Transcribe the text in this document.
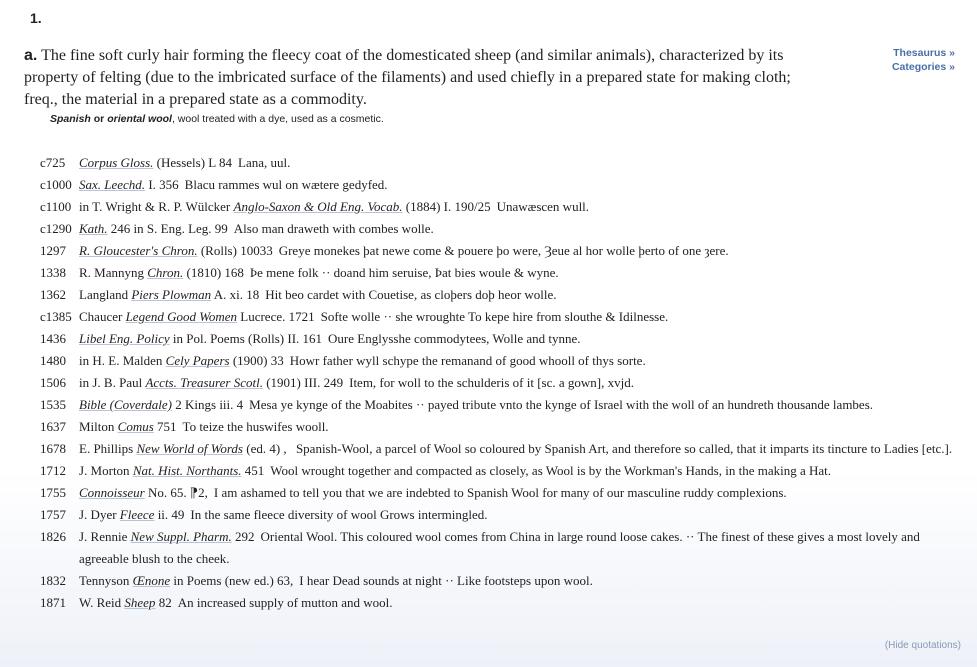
1.
Thesaurus »
Categories »
a. The fine soft curly hair forming the fleecy coat of the domesticated sheep (and similar animals), characterized by its property of felting (due to the imbricated surface of the filaments) and used chiefly in a prepared state for making cloth; freq., the material in a prepared state as a commodity.
Spanish or oriental wool, wool treated with a dye, used as a cosmetic.
c725 Corpus Gloss. (Hessels) L 84 Lana, uul.
c1000 Sax. Leechd. I. 356 Blacu rammes wul on wætere gedyfed.
c1100 in T. Wright & R. P. Wülcker Anglo-Saxon & Old Eng. Vocab. (1884) I. 190/25 Unawæscen wull.
c1290 Kath. 246 in S. Eng. Leg. 99 Also man draweth with combes wolle.
1297 R. Gloucester's Chron. (Rolls) 10033 Greye monekes þat newe come & pouere þo were, Ȝeue al hor wolle þerto of one ȝere.
1338 R. Mannyng Chron. (1810) 168 Þe mene folk ·· doand him seruise, Þat bies woule & wyne.
1362 Langland Piers Plowman A. xi. 18 Hit beo cardet with Couetise, as cloþers doþ heor wolle.
c1385 Chaucer Legend Good Women Lucrece. 1721 Softe wolle ·· she wroughte To kepe hire from slouthe & Idilnesse.
1436 Libel Eng. Policy in Pol. Poems (Rolls) II. 161 Oure Englysshe commodytees, Wolle and tynne.
1480 in H. E. Malden Cely Papers (1900) 33 Howr father wyll schype the remanand of good whooll of thys sorte.
1506 in J. B. Paul Accts. Treasurer Scotl. (1901) III. 249 Item, for woll to the schulderis of it [sc. a gown], xvjd.
1535 Bible (Coverdale) 2 Kings iii. 4 Mesa ye kynge of the Moabites ·· payed tribute vnto the kynge of Israel with the woll of an hundreth thousande lambes.
1637 Milton Comus 751 To teize the huswifes wooll.
1678 E. Phillips New World of Words (ed. 4) , Spanish-Wool, a parcel of Wool so coloured by Spanish Art, and therefore so called, that it imparts its tincture to Ladies [etc.].
1712 J. Morton Nat. Hist. Northants. 451 Wool wrought together and compacted as closely, as Wool is by the Workman's Hands, in the making a Hat.
1755 Connoisseur No. 65. ⁋2, I am ashamed to tell you that we are indebted to Spanish Wool for many of our masculine ruddy complexions.
1757 J. Dyer Fleece ii. 49 In the same fleece diversity of wool Grows intermingled.
1826 J. Rennie New Suppl. Pharm. 292 Oriental Wool. This coloured wool comes from China in large round loose cakes. ·· The finest of these gives a most lovely and agreeable blush to the cheek.
1832 Tennyson Œnone in Poems (new ed.) 63, I hear Dead sounds at night ·· Like footsteps upon wool.
1871 W. Reid Sheep 82 An increased supply of mutton and wool.
(Hide quotations)
